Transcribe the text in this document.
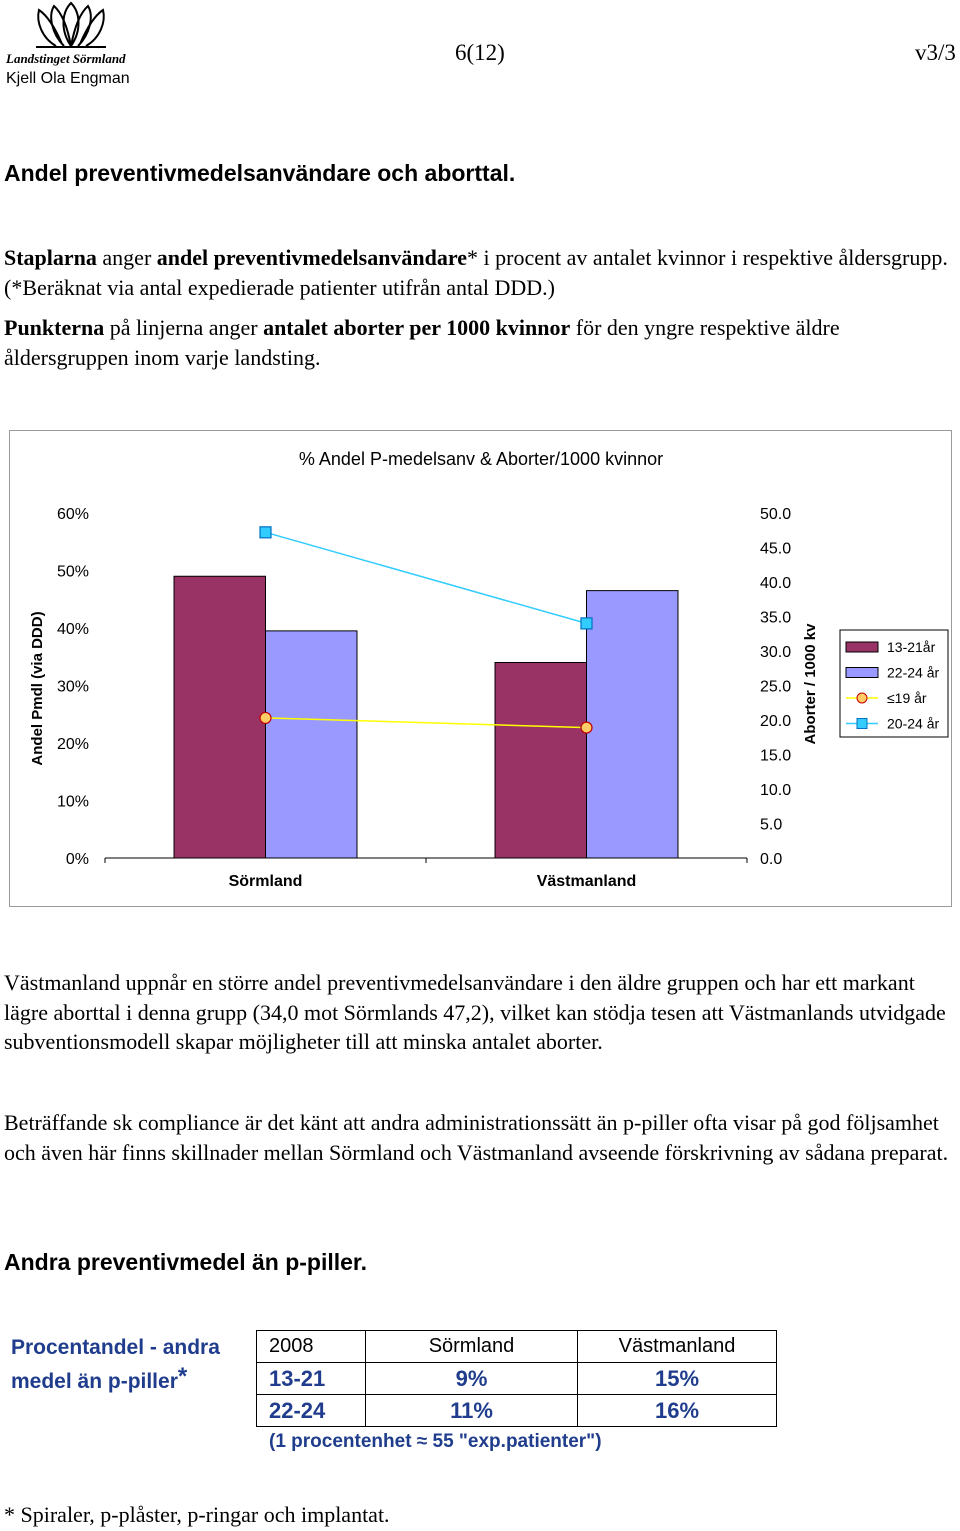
Landstinget Sörmland
Kjell Ola Engman
6(12)	v3/3
Andel preventivmedelsanvändare och aborttal.
Staplarna anger andel preventivmedelsanvändare* i procent av antalet kvinnor i respektive åldersgrupp. (*Beräknat via antal expedierade patienter utifrån antal DDD.)
Punkterna på linjerna anger antalet aborter per 1000 kvinnor för den yngre respektive äldre åldersgruppen inom varje landsting.
% Andel P-medelsanv & Aborter/1000 kvinnor
0%
10%
20%
30%
40%
50%
60%
0.0
5.0
10.0
15.0
20.0
25.0
30.0
35.0
40.0
45.0
50.0
Andel Pmdl (via DDD)	Aborter / 1000 kv
Sörmland	Västmanland
13-21år
22-24 år
≤19 år
20-24 år
Västmanland uppnår en större andel preventivmedelsanvändare i den äldre gruppen och har ett markant lägre aborttal i denna grupp (34,0 mot Sörmlands 47,2), vilket kan stödja tesen att Västmanlands utvidgade subventionsmodell skapar möjligheter till att minska antalet aborter.
Beträffande sk compliance är det känt att andra administrationssätt än p-piller ofta visar på god följsamhet och även här finns skillnader mellan Sörmland och Västmanland avseende förskrivning av sådana preparat.
Andra preventivmedel än p-piller.
Procentandel - andra medel än p-piller*
2008	Sörmland	Västmanland
13-21	9%	15%
22-24	11%	16%
(1 procentenhet ≈ 55 "exp.patienter")
* Spiraler, p-plåster, p-ringar och implantat.
